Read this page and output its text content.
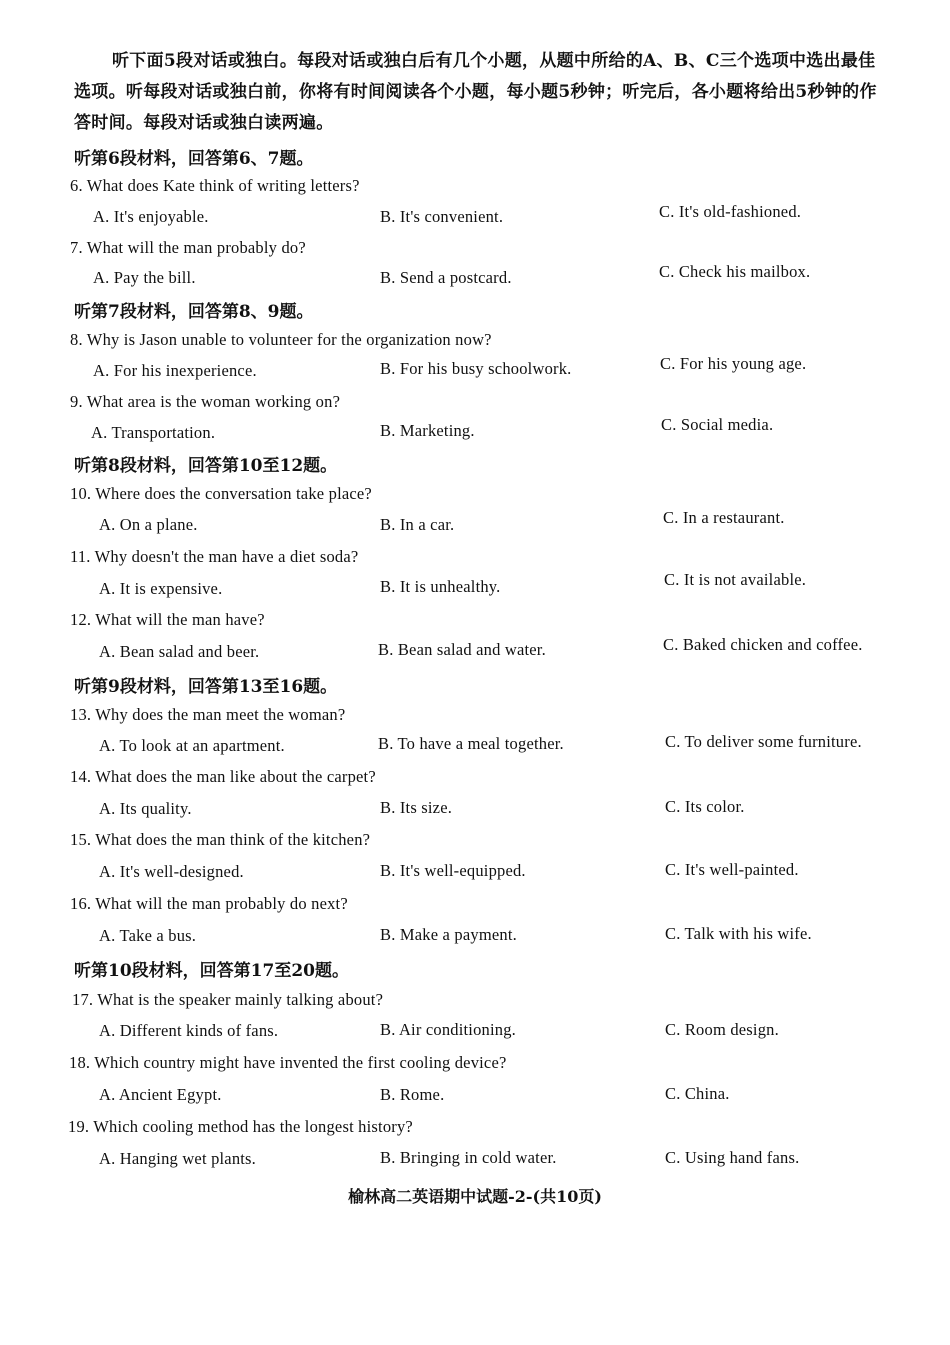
听下面5段对话或独白。每段对话或独白后有几个小题，从题中所给的A、B、C三个选项中选出最佳选项。听每段对话或独白前，你将有时间阅读各个小题，每小题5秒钟；听完后，各小题将给出5秒钟的作答时间。每段对话或独白读两遍。
听第6段材料，回答第6、7题。
6. What does Kate think of writing letters?
A. It's enjoyable.	B. It's convenient.	C. It's old-fashioned.
7. What will the man probably do?
A. Pay the bill.	B. Send a postcard.	C. Check his mailbox.
听第7段材料，回答第8、9题。
8. Why is Jason unable to volunteer for the organization now?
A. For his inexperience.	B. For his busy schoolwork.	C. For his young age.
9. What area is the woman working on?
A. Transportation.	B. Marketing.	C. Social media.
听第8段材料，回答第10至12题。
10. Where does the conversation take place?
A. On a plane.	B. In a car.	C. In a restaurant.
11. Why doesn't the man have a diet soda?
A. It is expensive.	B. It is unhealthy.	C. It is not available.
12. What will the man have?
A. Bean salad and beer.	B. Bean salad and water.	C. Baked chicken and coffee.
听第9段材料，回答第13至16题。
13. Why does the man meet the woman?
A. To look at an apartment.	B. To have a meal together.	C. To deliver some furniture.
14. What does the man like about the carpet?
A. Its quality.	B. Its size.	C. Its color.
15. What does the man think of the kitchen?
A. It's well-designed.	B. It's well-equipped.	C. It's well-painted.
16. What will the man probably do next?
A. Take a bus.	B. Make a payment.	C. Talk with his wife.
听第10段材料，回答第17至20题。
17. What is the speaker mainly talking about?
A. Different kinds of fans.	B. Air conditioning.	C. Room design.
18. Which country might have invented the first cooling device?
A. Ancient Egypt.	B. Rome.	C. China.
19. Which cooling method has the longest history?
A. Hanging wet plants.	B. Bringing in cold water.	C. Using hand fans.
榆林高二英语期中试题-2-(共10页)
